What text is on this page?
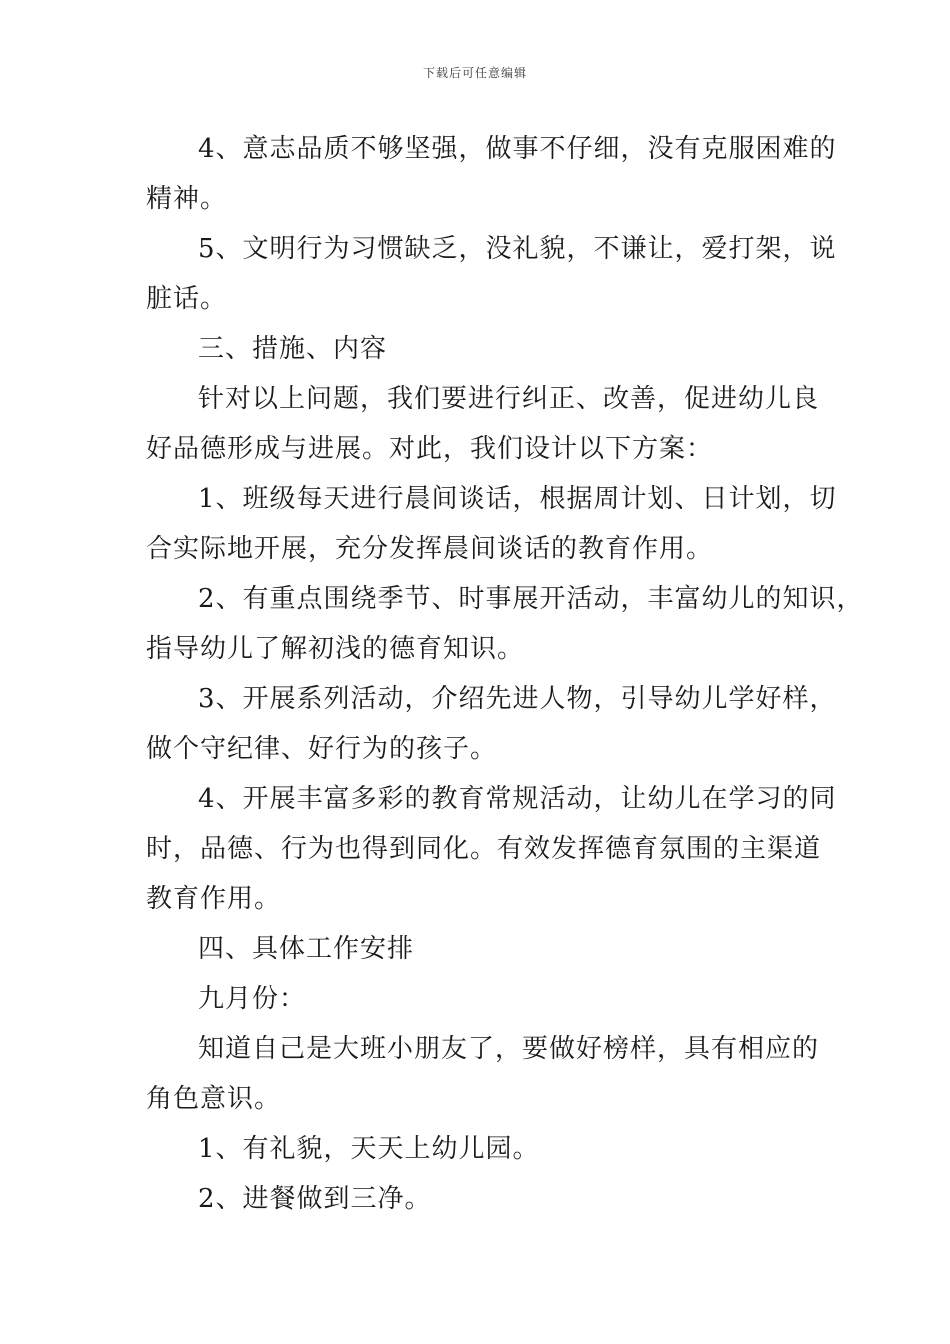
下载后可任意编辑
4、意志品质不够坚强，做事不仔细，没有克服困难的
精神。
5、文明行为习惯缺乏，没礼貌，不谦让，爱打架，说
脏话。
三、措施、内容
针对以上问题，我们要进行纠正、改善，促进幼儿良
好品德形成与进展。对此，我们设计以下方案：
1、班级每天进行晨间谈话，根据周计划、日计划，切
合实际地开展，充分发挥晨间谈话的教育作用。
2、有重点围绕季节、时事展开活动，丰富幼儿的知识，
指导幼儿了解初浅的德育知识。
3、开展系列活动，介绍先进人物，引导幼儿学好样，
做个守纪律、好行为的孩子。
4、开展丰富多彩的教育常规活动，让幼儿在学习的同
时，品德、行为也得到同化。有效发挥德育氛围的主渠道
教育作用。
四、具体工作安排
九月份：
知道自己是大班小朋友了，要做好榜样，具有相应的
角色意识。
1、有礼貌，天天上幼儿园。
2、进餐做到三净。
